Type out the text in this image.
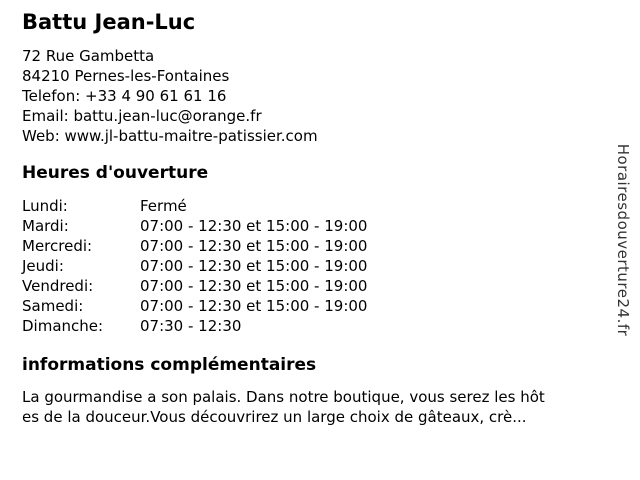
Battu Jean-Luc
72 Rue Gambetta
84210 Pernes-les-Fontaines
Telefon: +33 4 90 61 61 16
Email: battu.jean-luc@orange.fr
Web: www.jl-battu-maitre-patissier.com
Heures d'ouverture
Lundi:	Fermé
Mardi:	07:00 - 12:30 et 15:00 - 19:00
Mercredi:	07:00 - 12:30 et 15:00 - 19:00
Jeudi:	07:00 - 12:30 et 15:00 - 19:00
Vendredi:	07:00 - 12:30 et 15:00 - 19:00
Samedi:	07:00 - 12:30 et 15:00 - 19:00
Dimanche:	07:30 - 12:30
informations complémentaires
La gourmandise a son palais. Dans notre boutique, vous serez les hôt
es de la douceur.Vous découvrirez un large choix de gâteaux, crè...
Horairesdouverture24.fr
